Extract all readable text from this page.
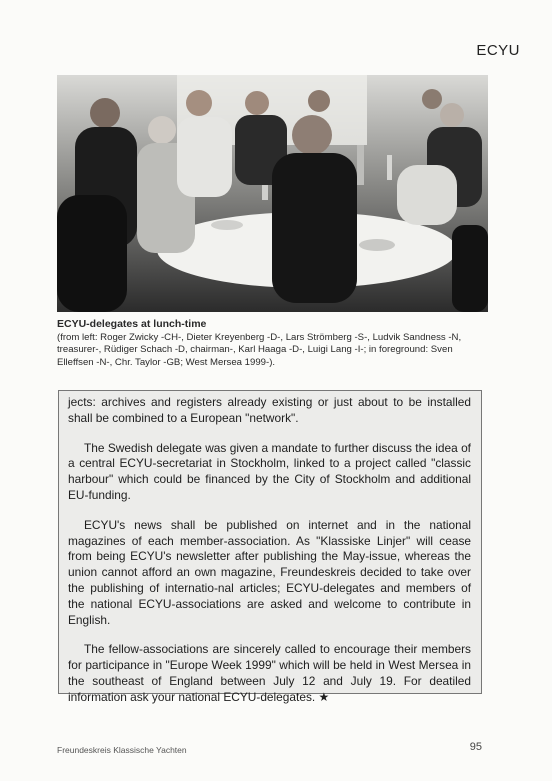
ECYU

ECYU-delegates at lunch-time

(from left: Roger Zwicky -CH-, Dieter Kreyenberg -D-, Lars Strömberg -S-, Ludvik Sandness -N, treasurer-, Rüdiger Schach -D, chairman-, Karl Haaga -D-, Luigi Lang -I-; in foreground: Sven Elleffsen -N-, Chr. Taylor -GB; West Mersea 1999-).

jects: archives and registers already existing or just about to be installed shall be combined to a European "network".

The Swedish delegate was given a mandate to further discuss the idea of a central ECYU-secretariat in Stockholm, linked to a project called "classic harbour" which could be financed by the City of Stockholm and additional EU-funding.

ECYU's news shall be published on internet and in the national magazines of each member-association. As "Klassiske Linjer" will cease from being ECYU's newsletter after publishing the May-issue, whereas the union cannot afford an own magazine, Freundeskreis decided to take over the publishing of internatio-nal articles; ECYU-delegates and members of the national ECYU-associations are asked and welcome to contribute in English.

The fellow-associations are sincerely called to encourage their members for participance in "Europe Week 1999" which will be held in West Mersea in the southeast of England between July 12 and July 19. For deatiled information ask your national ECYU-delegates. ★

Freundeskreis Klassische Yachten	95
